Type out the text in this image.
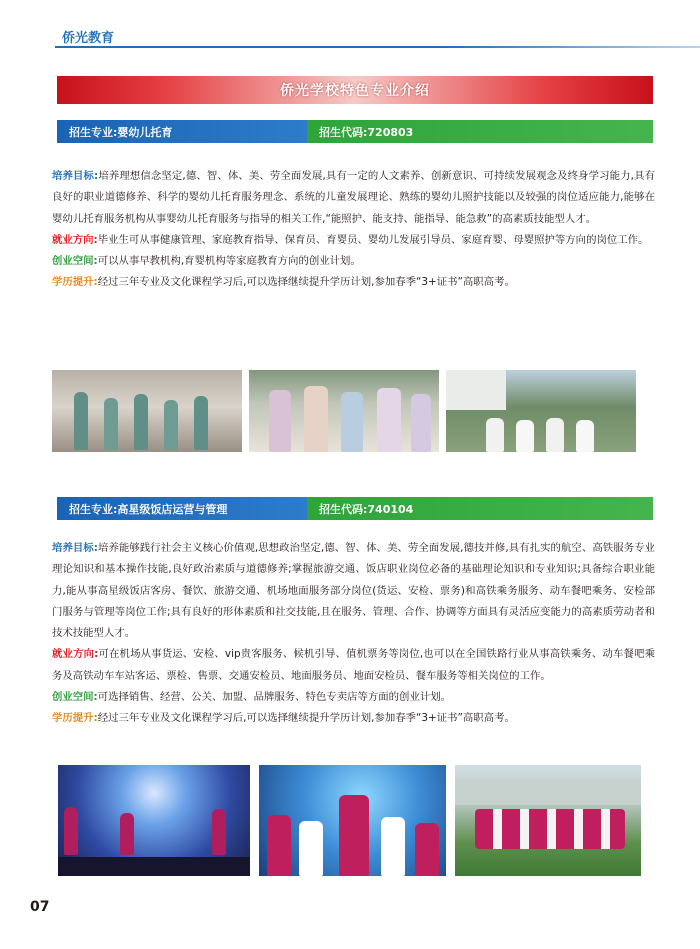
侨光教育
侨光学校特色专业介绍
招生专业:婴幼儿托育	招生代码:720803

培养目标:培养理想信念坚定,德、智、体、美、劳全面发展,具有一定的人文素养、创新意识、可持续发展观念及终身学习能力,具有良好的职业道德修养、科学的婴幼儿托育服务理念、系统的儿童发展理论、熟练的婴幼儿照护技能以及较强的岗位适应能力,能够在婴幼儿托育服务机构从事婴幼儿托育服务与指导的相关工作,“能照护、能支持、能指导、能急救”的高素质技能型人才。

就业方向:毕业生可从事健康管理、家庭教育指导、保育员、育婴员、婴幼儿发展引导员、家庭育婴、母婴照护等方向的岗位工作。

创业空间:可以从事早教机构,育婴机构等家庭教育方向的创业计划。

学历提升:经过三年专业及文化课程学习后,可以选择继续提升学历计划,参加春季“3+证书”高职高考。

招生专业:高星级饭店运营与管理	招生代码:740104

培养目标:培养能够践行社会主义核心价值观,思想政治坚定,德、智、体、美、劳全面发展,德技并修,具有扎实的航空、高铁服务专业理论知识和基本操作技能,良好政治素质与道德修养;掌握旅游交通、饭店职业岗位必备的基础理论知识和专业知识;具备综合职业能力,能从事高星级饭店客房、餐饮、旅游交通、机场地面服务部分岗位(货运、安检、票务)和高铁乘务服务、动车餐吧乘务、安检部门服务与管理等岗位工作;具有良好的形体素质和社交技能,且在服务、管理、合作、协调等方面具有灵活应变能力的高素质劳动者和技术技能型人才。

就业方向:可在机场从事货运、安检、vip贵客服务、候机引导、值机票务等岗位,也可以在全国铁路行业从事高铁乘务、动车餐吧乘务及高铁动车车站客运、票检、售票、交通安检员、地面服务员、地面安检员、餐车服务等相关岗位的工作。

创业空间:可选择销售、经营、公关、加盟、品牌服务、特色专卖店等方面的创业计划。

学历提升:经过三年专业及文化课程学习后,可以选择继续提升学历计划,参加春季“3+证书”高职高考。

07
